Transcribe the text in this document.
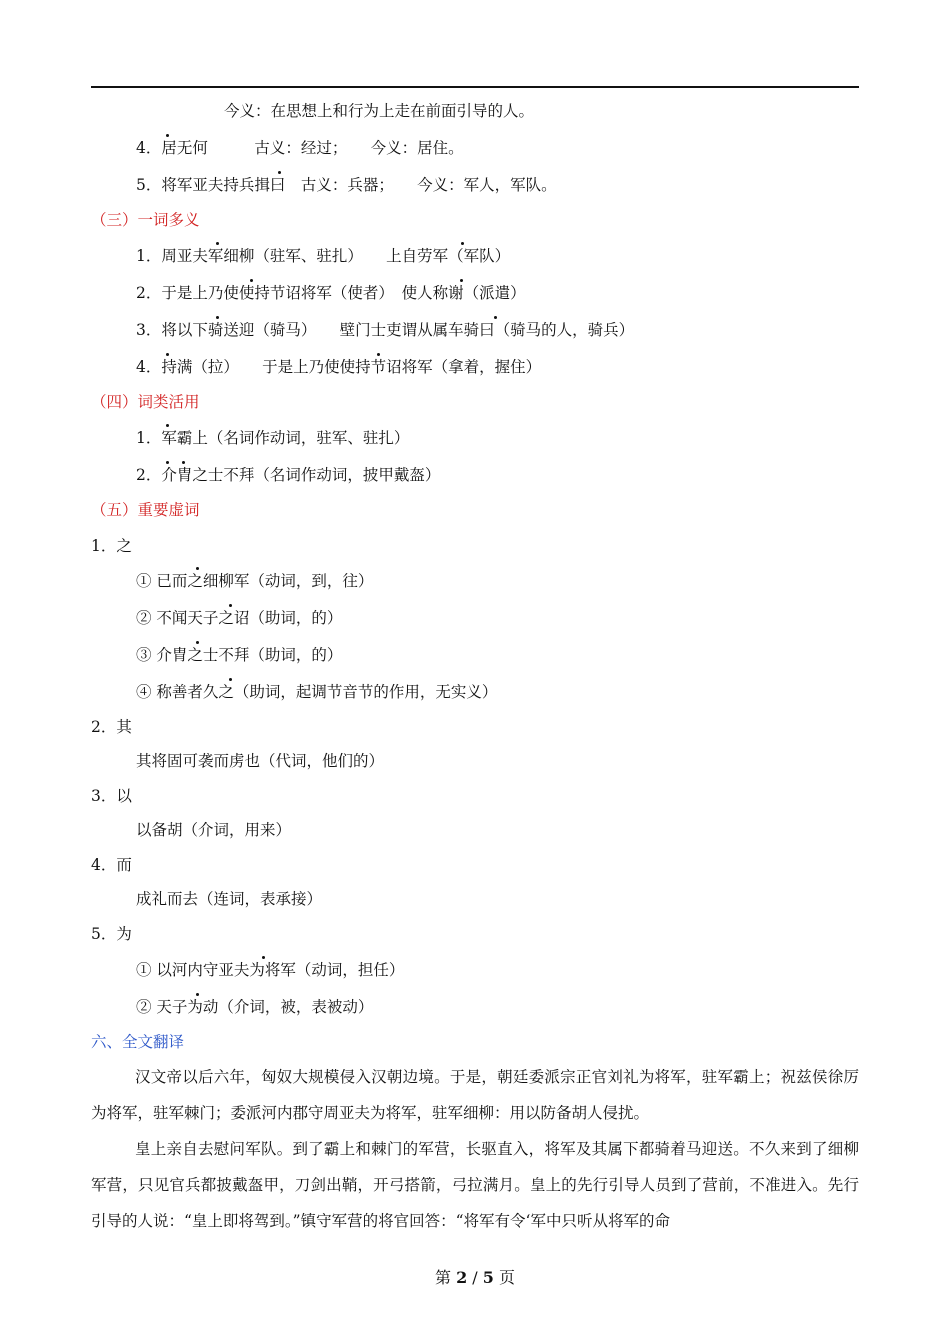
今义：在思想上和行为上走在前面引导的人。
4．居无何　　　古义：经过；　　今义：居住。
5．将军亚夫持兵揖曰　古义：兵器；　　今义：军人，军队。
（三）一词多义
1．周亚夫军细柳（驻军、驻扎）　　上自劳军（军队）
2．于是上乃使使持节诏将军（使者）　使人称谢（派遣）
3．将以下骑送迎（骑马）　　壁门士吏谓从属车骑曰（骑马的人，骑兵）
4．持满（拉）　　于是上乃使使持节诏将军（拿着，握住）
（四）词类活用
1．军霸上（名词作动词，驻军、驻扎）
2．介胄之士不拜（名词作动词，披甲戴盔）
（五）重要虚词
1．之
① 已而之细柳军（动词，到，往）
② 不闻天子之诏（助词，的）
③ 介胄之士不拜（助词，的）
④ 称善者久之（助词，起调节音节的作用，无实义）
2．其
其将固可袭而虏也（代词，他们的）
3．以
以备胡（介词，用来）
4．而
成礼而去（连词，表承接）
5．为
① 以河内守亚夫为将军（动词，担任）
② 天子为动（介词，被，表被动）
六、全文翻译
汉文帝以后六年，匈奴大规模侵入汉朝边境。于是，朝廷委派宗正官刘礼为将军，驻军霸上；祝兹侯徐厉为将军，驻军棘门；委派河内郡守周亚夫为将军，驻军细柳：用以防备胡人侵扰。
皇上亲自去慰问军队。到了霸上和棘门的军营，长驱直入，将军及其属下都骑着马迎送。不久来到了细柳军营，只见官兵都披戴盔甲，刀剑出鞘，开弓搭箭，弓拉满月。皇上的先行引导人员到了营前，不准进入。先行引导的人说：“皇上即将驾到。”镇守军营的将官回答：“将军有令‘军中只听从将军的命
第 2 / 5 页
